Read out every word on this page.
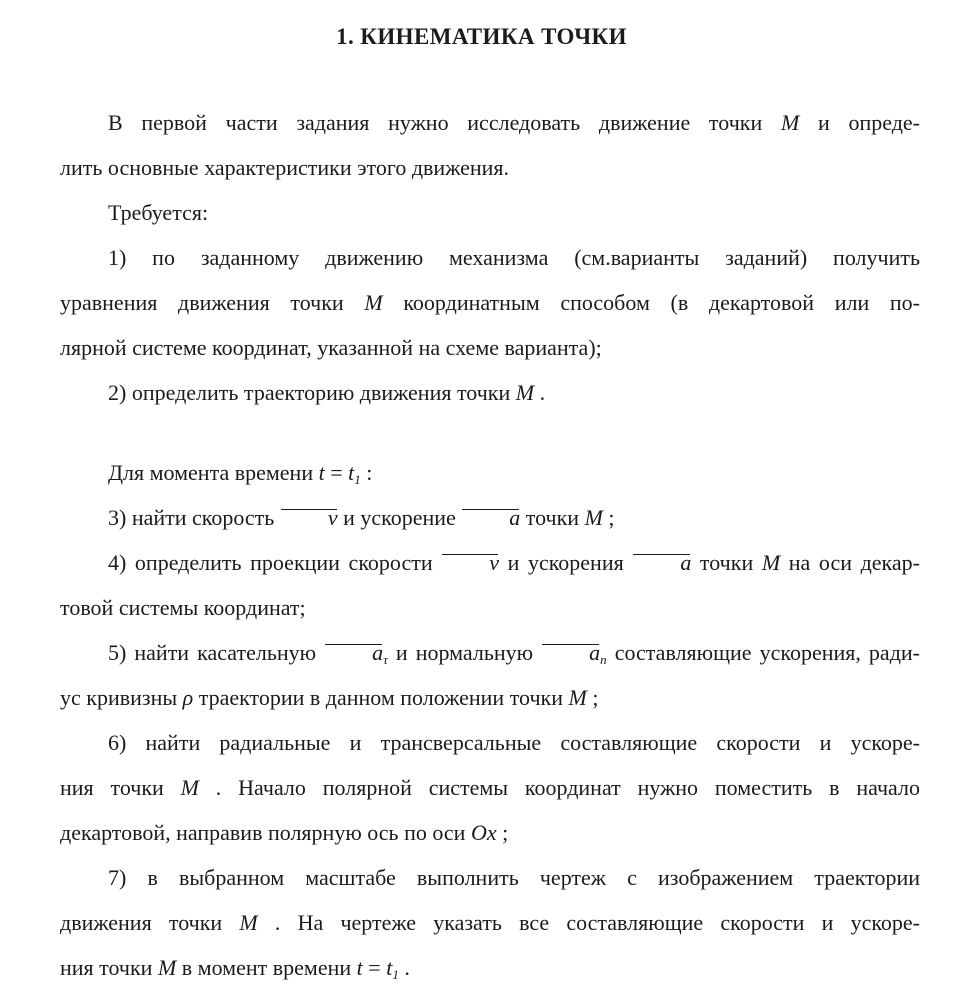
1. КИНЕМАТИКА ТОЧКИ
В первой части задания нужно исследовать движение точки M и опреде-
лить основные характеристики этого движения.
Требуется:
1) по заданному движению механизма (см.варианты заданий) получить
уравнения движения точки M координатным способом (в декартовой или по-
лярной системе координат, указанной на схеме варианта);
2) определить траекторию движения точки M .
Для момента времени $t = t_1$ :
3) найти скорость v и ускорение a точки M ;
4) определить проекции скорости v и ускорения a точки M на оси декар-
товой системы координат;
5) найти касательную $a_\tau$ и нормальную $a_n$ составляющие ускорения, ради-
ус кривизны ρ траектории в данном положении точки M ;
6) найти радиальные и трансверсальные составляющие скорости и ускоре-
ния точки M . Начало полярной системы координат нужно поместить в начало
декартовой, направив полярную ось по оси Ox ;
7) в выбранном масштабе выполнить чертеж с изображением траектории
движения точки M . На чертеже указать все составляющие скорости и ускоре-
ния точки M в момент времени $t = t_1$ .
